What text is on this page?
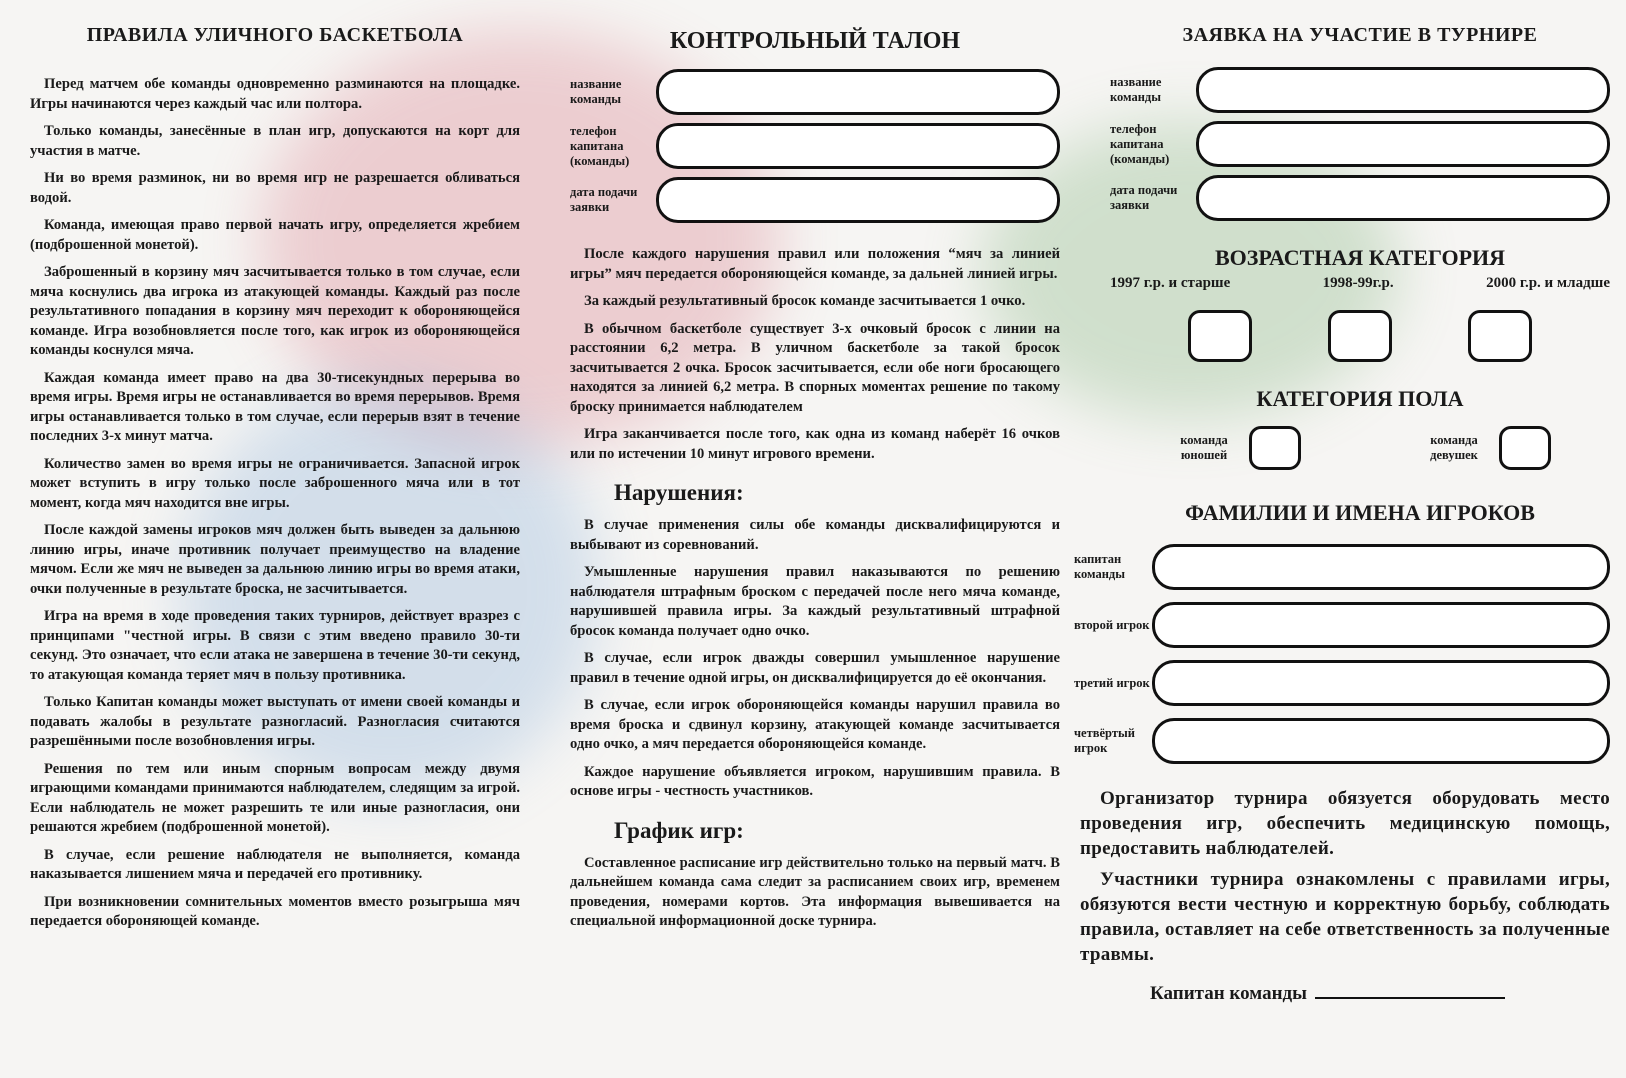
ПРАВИЛА УЛИЧНОГО БАСКЕТБОЛА

Перед матчем обе команды одновременно разминаются на площадке. Игры начинаются через каждый час или полтора.

Только команды, занесённые в план игр, допускаются на корт для участия в матче.

Ни во время разминок, ни во время игр не разрешается обливаться водой.

Команда, имеющая право первой начать игру, определяется жребием (подброшенной монетой).

Заброшенный в корзину мяч засчитывается только в том случае, если мяча коснулись два игрока из атакующей команды. Каждый раз после результативного попадания в корзину мяч переходит к обороняющейся команде. Игра возобновляется после того, как игрок из обороняющейся команды коснулся мяча.

Каждая команда имеет право на два 30-тисекундных перерыва во время игры. Время игры не останавливается во время перерывов. Время игры останавливается только в том случае, если перерыв взят в течение последних 3-х минут матча.

Количество замен во время игры не ограничивается. Запасной игрок может вступить в игру только после заброшенного мяча или в тот момент, когда мяч находится вне игры.

После каждой замены игроков мяч должен быть выведен за дальнюю линию игры, иначе противник получает преимущество на владение мячом. Если же мяч не выведен за дальнюю линию игры во время атаки, очки полученные в результате броска, не засчитывается.

Игра на время в ходе проведения таких турниров, действует вразрез с принципами "честной игры. В связи с этим введено правило 30-ти секунд. Это означает, что если атака не завершена в течение 30-ти секунд, то атакующая команда теряет мяч в пользу противника.

Только Капитан команды может выступать от имени своей команды и подавать жалобы в результате разногласий. Разногласия считаются разрешёнными после возобновления игры.

Решения по тем или иным спорным вопросам между двумя играющими командами принимаются наблюдателем, следящим за игрой. Если наблюдатель не может разрешить те или иные разногласия, они решаются жребием (подброшенной монетой).

В случае, если решение наблюдателя не выполняется, команда наказывается лишением мяча и передачей его противнику.

При возникновении сомнительных моментов вместо розыгрыша мяч передается обороняющей команде.

КОНТРОЛЬНЫЙ ТАЛОН
название команды
телефон капитана (команды)
дата подачи заявки

После каждого нарушения правил или положения “мяч за линией игры” мяч передается обороняющейся команде, за дальней линией игры.

За каждый результативный бросок команде засчитывается 1 очко.

В обычном баскетболе существует 3-х очковый бросок с линии на расстоянии 6,2 метра. В уличном баскетболе за такой бросок засчитывается 2 очка. Бросок засчитывается, если обе ноги бросающего находятся за линией 6,2 метра. В спорных моментах решение по такому броску принимается наблюдателем

Игра заканчивается после того, как одна из команд наберёт 16 очков или по истечении 10 минут игрового времени.

Нарушения:

В случае применения силы обе команды дисквалифицируются и выбывают из соревнований.

Умышленные нарушения правил наказываются по решению наблюдателя штрафным броском с передачей после него мяча команде, нарушившей правила игры. За каждый результативный штрафной бросок команда получает одно очко.

В случае, если игрок дважды совершил умышленное нарушение правил в течение одной игры, он дисквалифицируется до её окончания.

В случае, если игрок обороняющейся команды нарушил правила во время броска и сдвинул корзину, атакующей команде засчитывается одно очко, а мяч передается обороняющейся команде.

Каждое нарушение объявляется игроком, нарушившим правила. В основе игры - честность участников.

График игр:

Составленное расписание игр действительно только на первый матч. В дальнейшем команда сама следит за расписанием своих игр, временем проведения, номерами кортов. Эта информация вывешивается на специальной информационной доске турнира.

ЗАЯВКА НА УЧАСТИЕ В ТУРНИРЕ
название команды
телефон капитана (команды)
дата подачи заявки
ВОЗРАСТНАЯ КАТЕГОРИЯ
1997 г.р. и старше	1998-99г.р.	2000 г.р. и младше
КАТЕГОРИЯ ПОЛА
команда юношей
команда девушек
ФАМИЛИИ И ИМЕНА ИГРОКОВ
капитан команды
второй игрок
третий игрок
четвёртый игрок

Организатор турнира обязуется оборудовать место проведения игр, обеспечить медицинскую помощь, предоставить наблюдателей.

Участники турнира ознакомлены с правилами игры, обязуются вести честную и корректную борьбу, соблюдать правила, оставляет на себе ответственность за полученные травмы.

Капитан команды
